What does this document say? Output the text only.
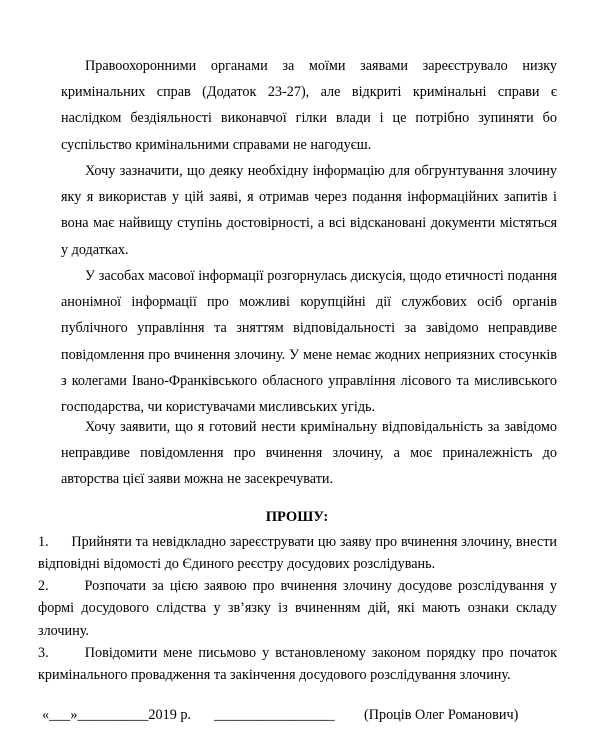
Правоохоронними органами за моїми заявами зареєструвало низку кримінальних справ (Додаток 23-27), але відкриті кримінальні справи є наслідком бездіяльності виконавчої гілки влади і це потрібно зупиняти бо суспільство кримінальними справами не нагодуєш.

Хочу зазначити, що деяку необхідну інформацію для обгрунтування злочину яку я використав у цій заяві, я отримав через подання інформаційних запитів і вона має найвищу ступінь достовірності, а всі відскановані документи містяться у додатках.

У засобах масової інформації розгорнулась дискусія, щодо етичності подання анонімної інформації про можливі корупційні дії службових осіб органів публічного управління та зняттям відповідальності за завідомо неправдиве повідомлення про вчинення злочину. У мене немає жодних неприязних стосунків з колегами Івано-Франківського обласного управління лісового та мисливського господарства, чи користувачами мисливських угідь.

Хочу заявити, що я готовий нести кримінальну відповідальність за завідомо неправдиве повідомлення про вчинення злочину, а моє приналежність до авторства цієї заяви можна не засекречувати.

ПРОШУ:

1. Прийняти та невідкладно зареєструвати цю заяву про вчинення злочину, внести відповідні відомості до Єдиного реєстру досудових розслідувань.

2.	Розпочати за цією заявою про вчинення злочину досудове розслідування у формі досудового слідства у зв’язку із вчиненням дій, які мають ознаки складу злочину.

3.	Повідомити мене письмово у встановленому законом порядку про початок кримінального провадження та закінчення досудового розслідування злочину.

«___»__________2019 р. _________________ (Проців Олег Романович)
